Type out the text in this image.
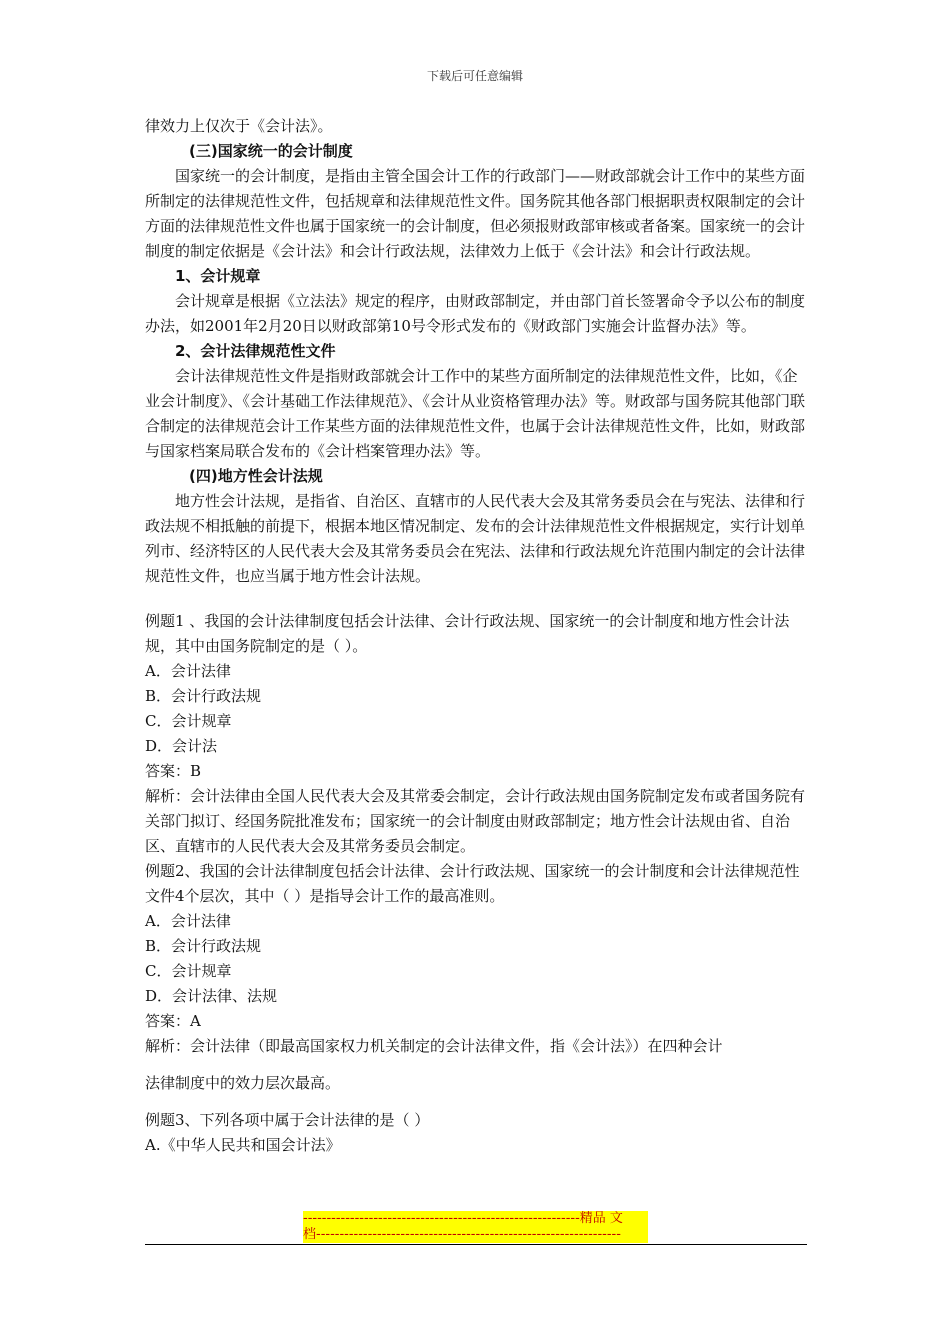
下载后可任意编辑

律效力上仅次于《会计法》。

(三)国家统一的会计制度

国家统一的会计制度，是指由主管全国会计工作的行政部门——财政部就会计工作中的某些方面所制定的法律规范性文件，包括规章和法律规范性文件。国务院其他各部门根据职责权限制定的会计方面的法律规范性文件也属于国家统一的会计制度，但必须报财政部审核或者备案。国家统一的会计制度的制定依据是《会计法》和会计行政法规，法律效力上低于《会计法》和会计行政法规。

1、会计规章

会计规章是根据《立法法》规定的程序，由财政部制定，并由部门首长签署命令予以公布的制度办法，如2001年2月20日以财政部第10号令形式发布的《财政部门实施会计监督办法》等。

2、会计法律规范性文件

会计法律规范性文件是指财政部就会计工作中的某些方面所制定的法律规范性文件，比如，《企业会计制度》、《会计基础工作法律规范》、《会计从业资格管理办法》等。财政部与国务院其他部门联合制定的法律规范会计工作某些方面的法律规范性文件，也属于会计法律规范性文件，比如，财政部与国家档案局联合发布的《会计档案管理办法》等。

(四)地方性会计法规

地方性会计法规，是指省、自治区、直辖市的人民代表大会及其常务委员会在与宪法、法律和行政法规不相抵触的前提下，根据本地区情况制定、发布的会计法律规范性文件根据规定，实行计划单列市、经济特区的人民代表大会及其常务委员会在宪法、法律和行政法规允许范围内制定的会计法律规范性文件，也应当属于地方性会计法规。

例题1 、我国的会计法律制度包括会计法律、会计行政法规、国家统一的会计制度和地方性会计法规，其中由国务院制定的是（ ）。

A．会计法律

B．会计行政法规

C．会计规章

D．会计法

答案：B

解析：会计法律由全国人民代表大会及其常委会制定，会计行政法规由国务院制定发布或者国务院有关部门拟订、经国务院批准发布；国家统一的会计制度由财政部制定；地方性会计法规由省、自治区、直辖市的人民代表大会及其常务委员会制定。

例题2、我国的会计法律制度包括会计法律、会计行政法规、国家统一的会计制度和会计法律规范性文件4个层次，其中（ ）是指导会计工作的最高准则。

A．会计法律

B．会计行政法规

C．会计规章

D．会计法律、法规

答案：A

解析：会计法律（即最高国家权力机关制定的会计法律文件，指《会计法》）在四种会计

法律制度中的效力层次最高。

例题3、下列各项中属于会计法律的是（ ）

A.《中华人民共和国会计法》

-----------------------------------------------------------精品 文
档-----------------------------------------------------------------
